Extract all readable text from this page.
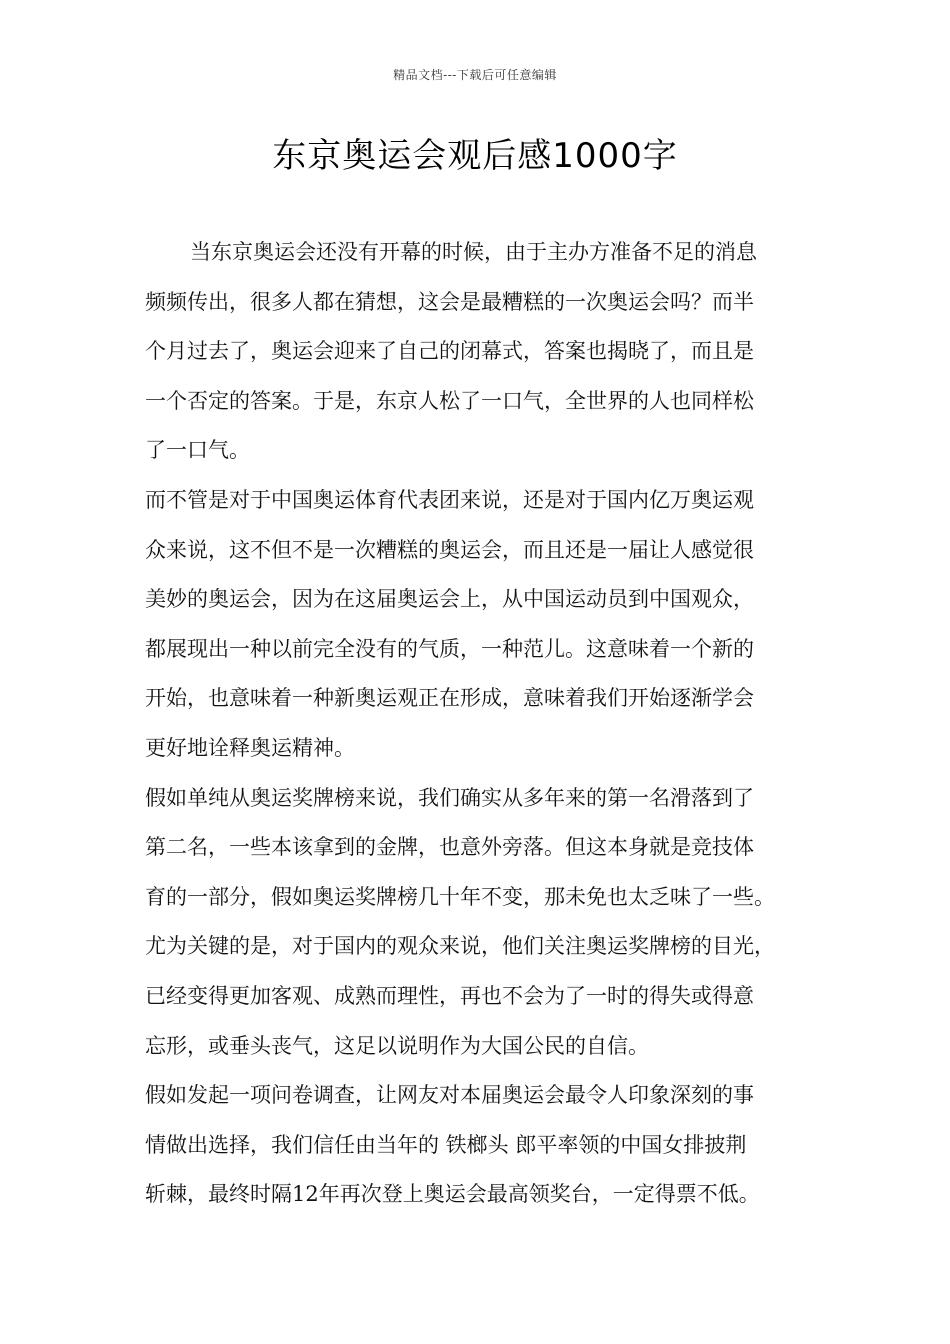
精品文档---下载后可任意编辑
东京奥运会观后感1000字
当东京奥运会还没有开幕的时候，由于主办方准备不足的消息
频频传出，很多人都在猜想，这会是最糟糕的一次奥运会吗？而半
个月过去了，奥运会迎来了自己的闭幕式，答案也揭晓了，而且是
一个否定的答案。于是，东京人松了一口气，全世界的人也同样松
了一口气。
而不管是对于中国奥运体育代表团来说，还是对于国内亿万奥运观
众来说，这不但不是一次糟糕的奥运会，而且还是一届让人感觉很
美妙的奥运会，因为在这届奥运会上，从中国运动员到中国观众，
都展现出一种以前完全没有的气质，一种范儿。这意味着一个新的
开始，也意味着一种新奥运观正在形成，意味着我们开始逐渐学会
更好地诠释奥运精神。
假如单纯从奥运奖牌榜来说，我们确实从多年来的第一名滑落到了
第二名，一些本该拿到的金牌，也意外旁落。但这本身就是竞技体
育的一部分，假如奥运奖牌榜几十年不变，那未免也太乏味了一些。
尤为关键的是，对于国内的观众来说，他们关注奥运奖牌榜的目光，
已经变得更加客观、成熟而理性，再也不会为了一时的得失或得意
忘形，或垂头丧气，这足以说明作为大国公民的自信。
假如发起一项问卷调查，让网友对本届奥运会最令人印象深刻的事
情做出选择，我们信任由当年的 铁榔头 郎平率领的中国女排披荆
斩棘，最终时隔12年再次登上奥运会最高领奖台，一定得票不低。
